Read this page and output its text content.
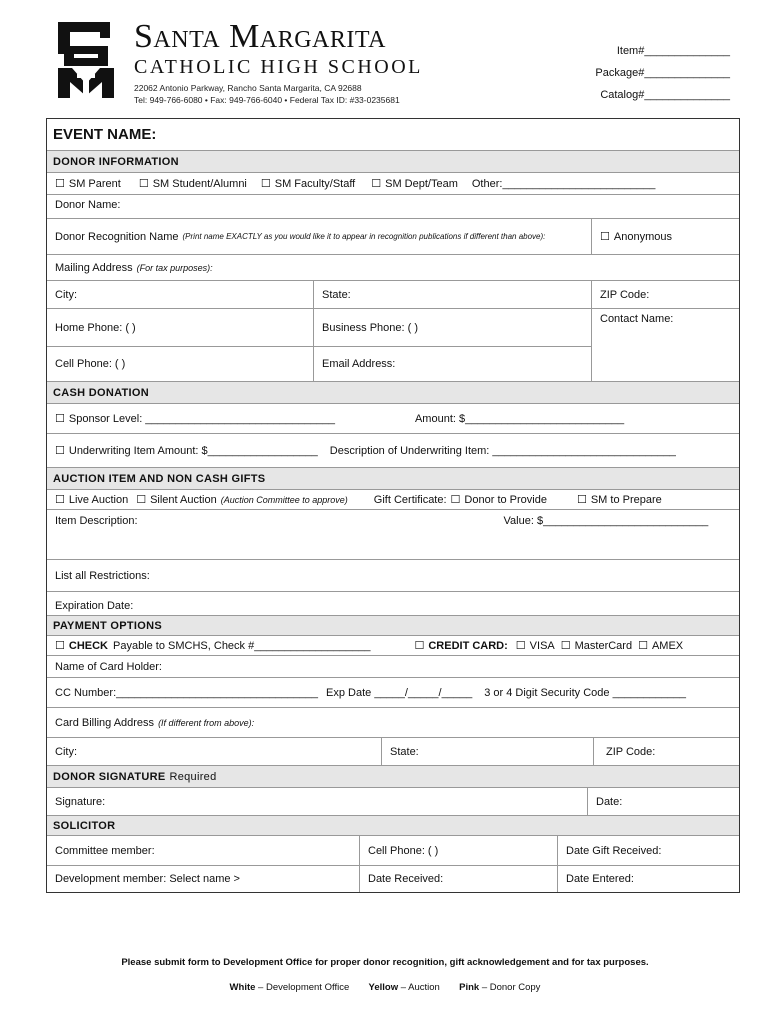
Santa Margarita
CATHOLIC HIGH SCHOOL
22062 Antonio Parkway, Rancho Santa Margarita, CA 92688
Tel: 949-766-6080 • Fax: 949-766-6040 • Federal Tax ID: #33-0235681
Item#______________
Package#______________
Catalog#______________
EVENT NAME:
DONOR INFORMATION
☐ SM Parent ☐ SM Student/Alumni ☐ SM Faculty/Staff ☐ SM Dept/Team Other:_________________________
Donor Name:
Donor Recognition Name (Print name EXACTLY as you would like it to appear in recognition publications if different than above):	☐ Anonymous
Mailing Address (For tax purposes):
City:	State:	ZIP Code:
Home Phone: ( )	Business Phone: ( )
Cell Phone: ( )	Email Address:
Contact Name:
CASH DONATION
☐ Sponsor Level: _______________________________	Amount: $__________________________
☐ Underwriting Item Amount: $__________________ Description of Underwriting Item: ______________________________
AUCTION ITEM AND NON CASH GIFTS
☐ Live Auction ☐ Silent Auction (Auction Committee to approve) Gift Certificate: ☐ Donor to Provide	☐ SM to Prepare
Item Description:	Value: $___________________________
List all Restrictions:
Expiration Date:
PAYMENT OPTIONS
☐ CHECK Payable to SMCHS, Check #___________________	☐ CREDIT CARD : ☐ VISA ☐ MasterCard ☐ AMEX
Name of Card Holder:
CC Number:_________________________________ Exp Date _____/_____/_____ 3 or 4 Digit Security Code ____________
Card Billing Address (If different from above):
City:	State:	ZIP Code:
DONOR SIGNATURE Required
Signature:	Date:
SOLICITOR
Committee member:	Cell Phone: ( )	Date Gift Received:
Development member: Select name >	Date Received:	Date Entered:
Please submit form to Development Office for proper donor recognition, gift acknowledgement and for tax purposes.
White – Development Office Yellow – Auction Pink – Donor Copy
